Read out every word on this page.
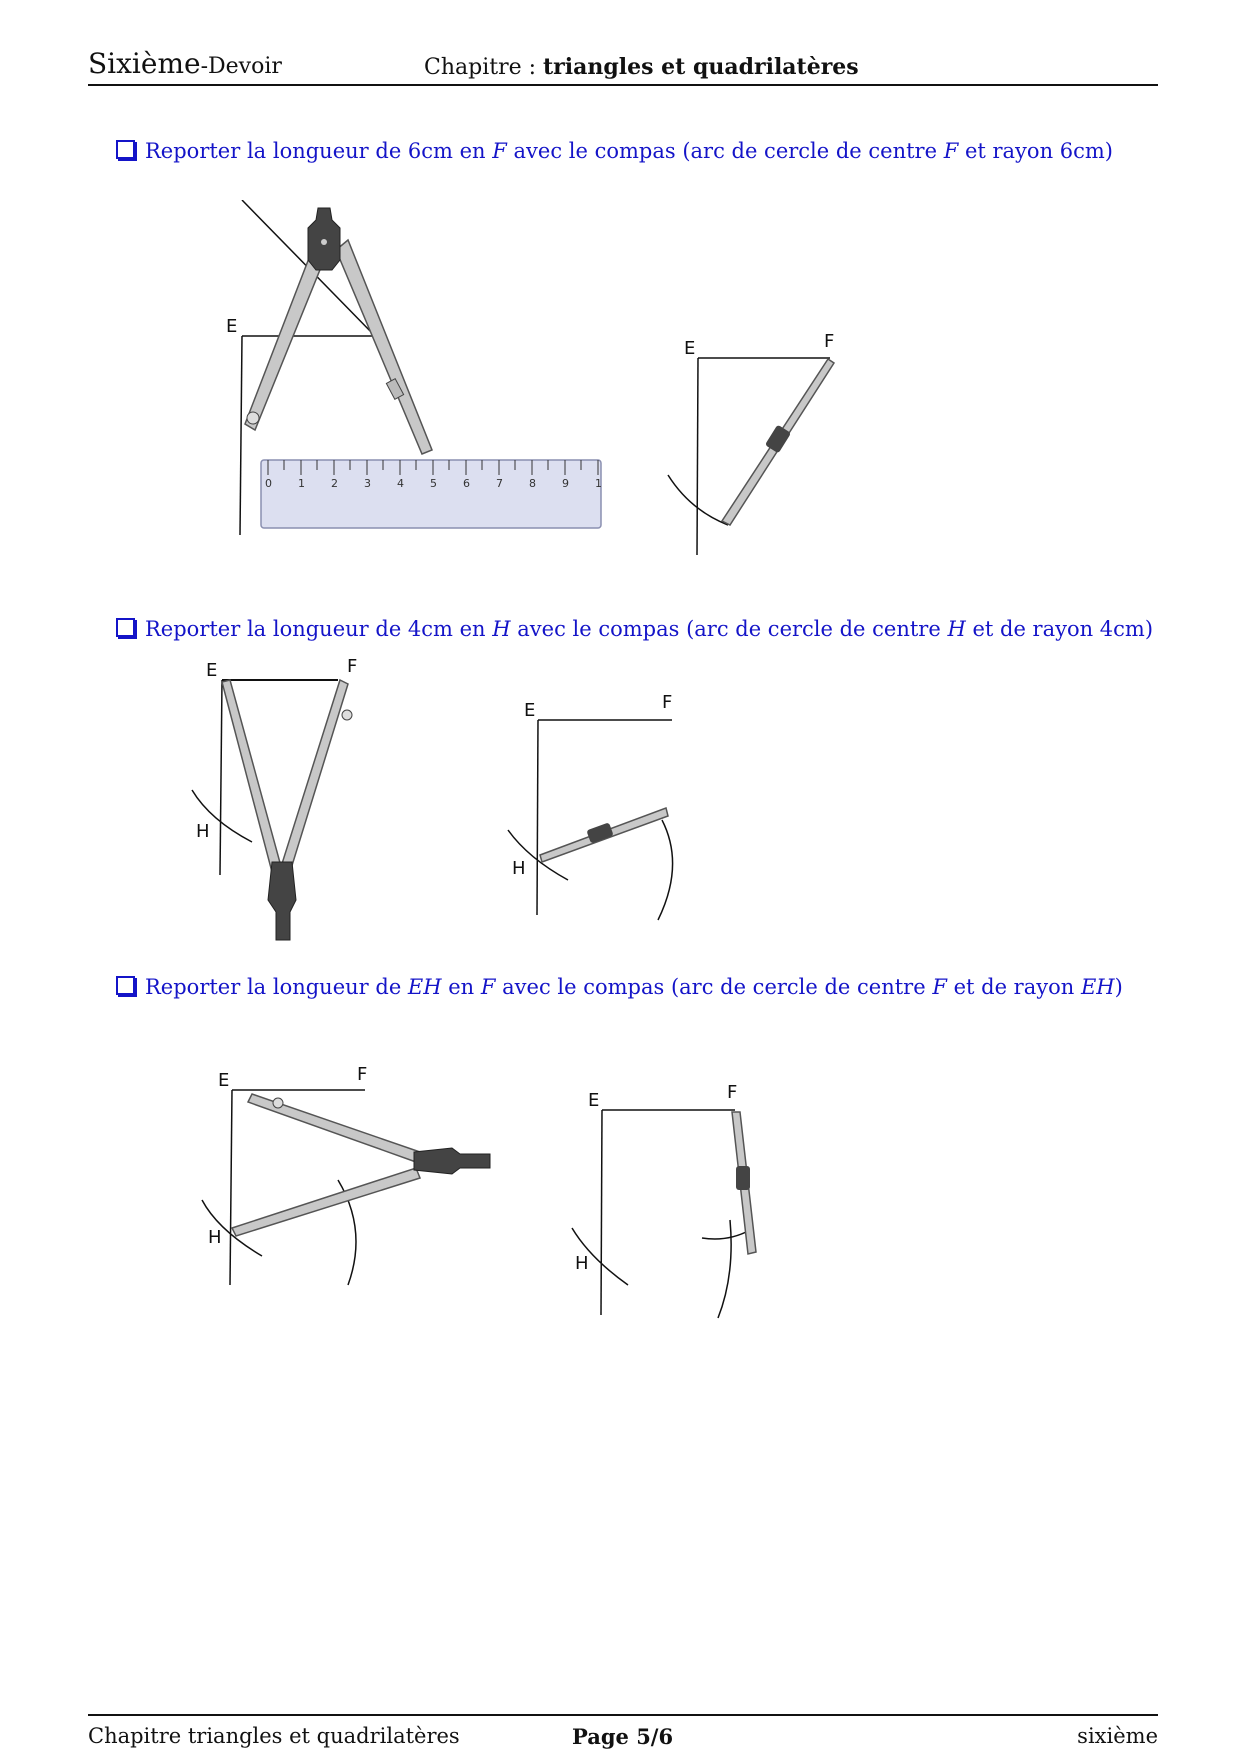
Sixième-Devoir	Chapitre : triangles et quadrilatères
Reporter la longueur de 6cm en F avec le compas (arc de cercle de centre F et rayon 6cm)
E
0 1 2 3 4 5 6 7 8 9 1
E	F
Reporter la longueur de 4cm en H avec le compas (arc de cercle de centre H et de rayon 4cm)
E	F
H
E	F
H
Reporter la longueur de EH en F avec le compas (arc de cercle de centre F et de rayon EH)
E	F
H
E	F
H
Chapitre triangles et quadrilatères	Page 5/6	sixième
